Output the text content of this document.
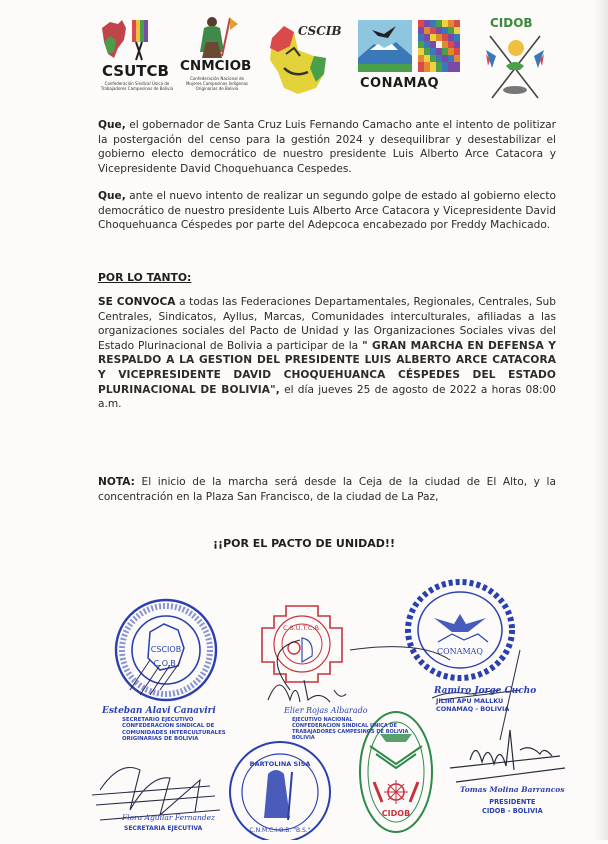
CSUTCB
Confederación Sindical Única de
Trabajadores Campesinos de Bolivia
CNMCIOB
Confederación Nacional de
Mujeres Campesinas Indígenas
Originarias de Bolivia
CSCIB
CONAMAQ
CIDOB

Que, el gobernador de Santa Cruz Luis Fernando Camacho ante el intento de politizar la postergación del censo para la gestión 2024 y desequilibrar y desestabilizar el gobierno electo democrático de nuestro presidente Luis Alberto Arce Catacora y Vicepresidente David Choquehuanca Cespedes.

Que, ante el nuevo intento de realizar un segundo golpe de estado al gobierno electo democrático de nuestro presidente Luis Alberto Arce Catacora y Vicepresidente David Choquehuanca Céspedes por parte del Adepcoca encabezado por Freddy Machicado.

POR LO TANTO:

SE CONVOCA a todas las Federaciones Departamentales, Regionales, Centrales, Sub Centrales, Sindicatos, Ayllus, Marcas, Comunidades interculturales, afiliadas a las organizaciones sociales del Pacto de Unidad y las Organizaciones Sociales vivas del Estado Plurinacional de Bolivia a participar de la " GRAN MARCHA EN DEFENSA Y RESPALDO A LA GESTION DEL PRESIDENTE LUIS ALBERTO ARCE CATACORA Y VICEPRESIDENTE DAVID CHOQUEHUANCA CÉSPEDES DEL ESTADO PLURINACIONAL DE BOLIVIA", el día jueves 25 de agosto de 2022 a horas 08:00 a.m.

NOTA: El inicio de la marcha será desde la Ceja de la ciudad de El Alto, y la concentración en la Plaza San Francisco, de la ciudad de La Paz,

¡¡POR EL PACTO DE UNIDAD!!
CSCIOB
C.O.B.
C.S.U.T.C.B.
CONAMAQ
BARTOLINA SISA
C.N.M.C.I.O.B. "B.S."
CIDOB
Esteban Alavi Canaviri
SECRETARIO EJECUTIVO
CONFEDERACION SINDICAL DE
COMUNIDADES INTERCULTURALES
ORIGINARIAS DE BOLIVIA
Flora Aguilar Fernandez
SECRETARIA EJECUTIVA
Elier Rojas Albarado
EJECUTIVO NACIONAL
CONFEDERACION SINDICAL UNICA DE
TRABAJADORES CAMPESINOS DE BOLIVIA
BOLIVIA
Ramiro Jorge Cucho
JILIRI APU MALLKU
CONAMAQ - BOLIVIA
Tomas Molina Barrancos
PRESIDENTE
CIDOB - BOLIVIA
